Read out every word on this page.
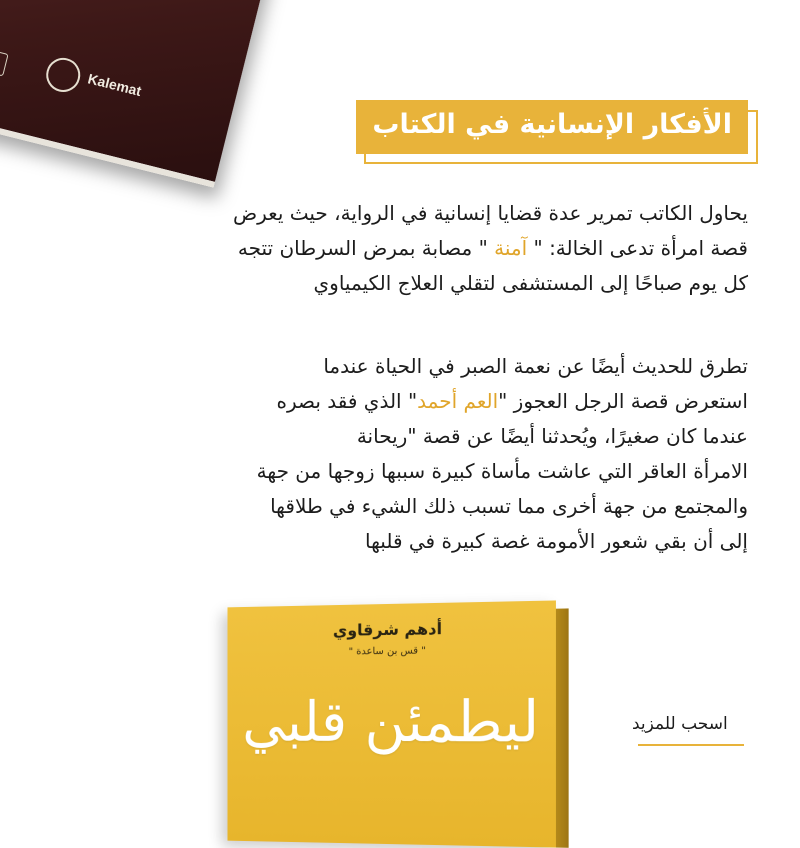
Kalemat
الأفكار الإنسانية في الكتاب
يحاول الكاتب تمرير عدة قضايا إنسانية في الرواية، حيث يعرض
قصة امرأة تدعى الخالة: " آمنة " مصابة بمرض السرطان تتجه
كل يوم صباحًا إلى المستشفى لتقلي العلاج الكيمياوي
تطرق للحديث أيضًا عن نعمة الصبر في الحياة عندما
استعرض قصة الرجل العجوز "العم أحمد" الذي فقد بصره
عندما كان صغيرًا، ويُحدثنا أيضًا عن قصة "ريحانة
الامرأة العاقر التي عاشت مأساة كبيرة سببها زوجها من جهة
والمجتمع من جهة أخرى مما تسبب ذلك الشيء في طلاقها
إلى أن بقي شعور الأمومة غصة كبيرة في قلبها
أدهم شرقاوي
" قس بن ساعدة "
ليطمئن قلبي	اسحب للمزيد
